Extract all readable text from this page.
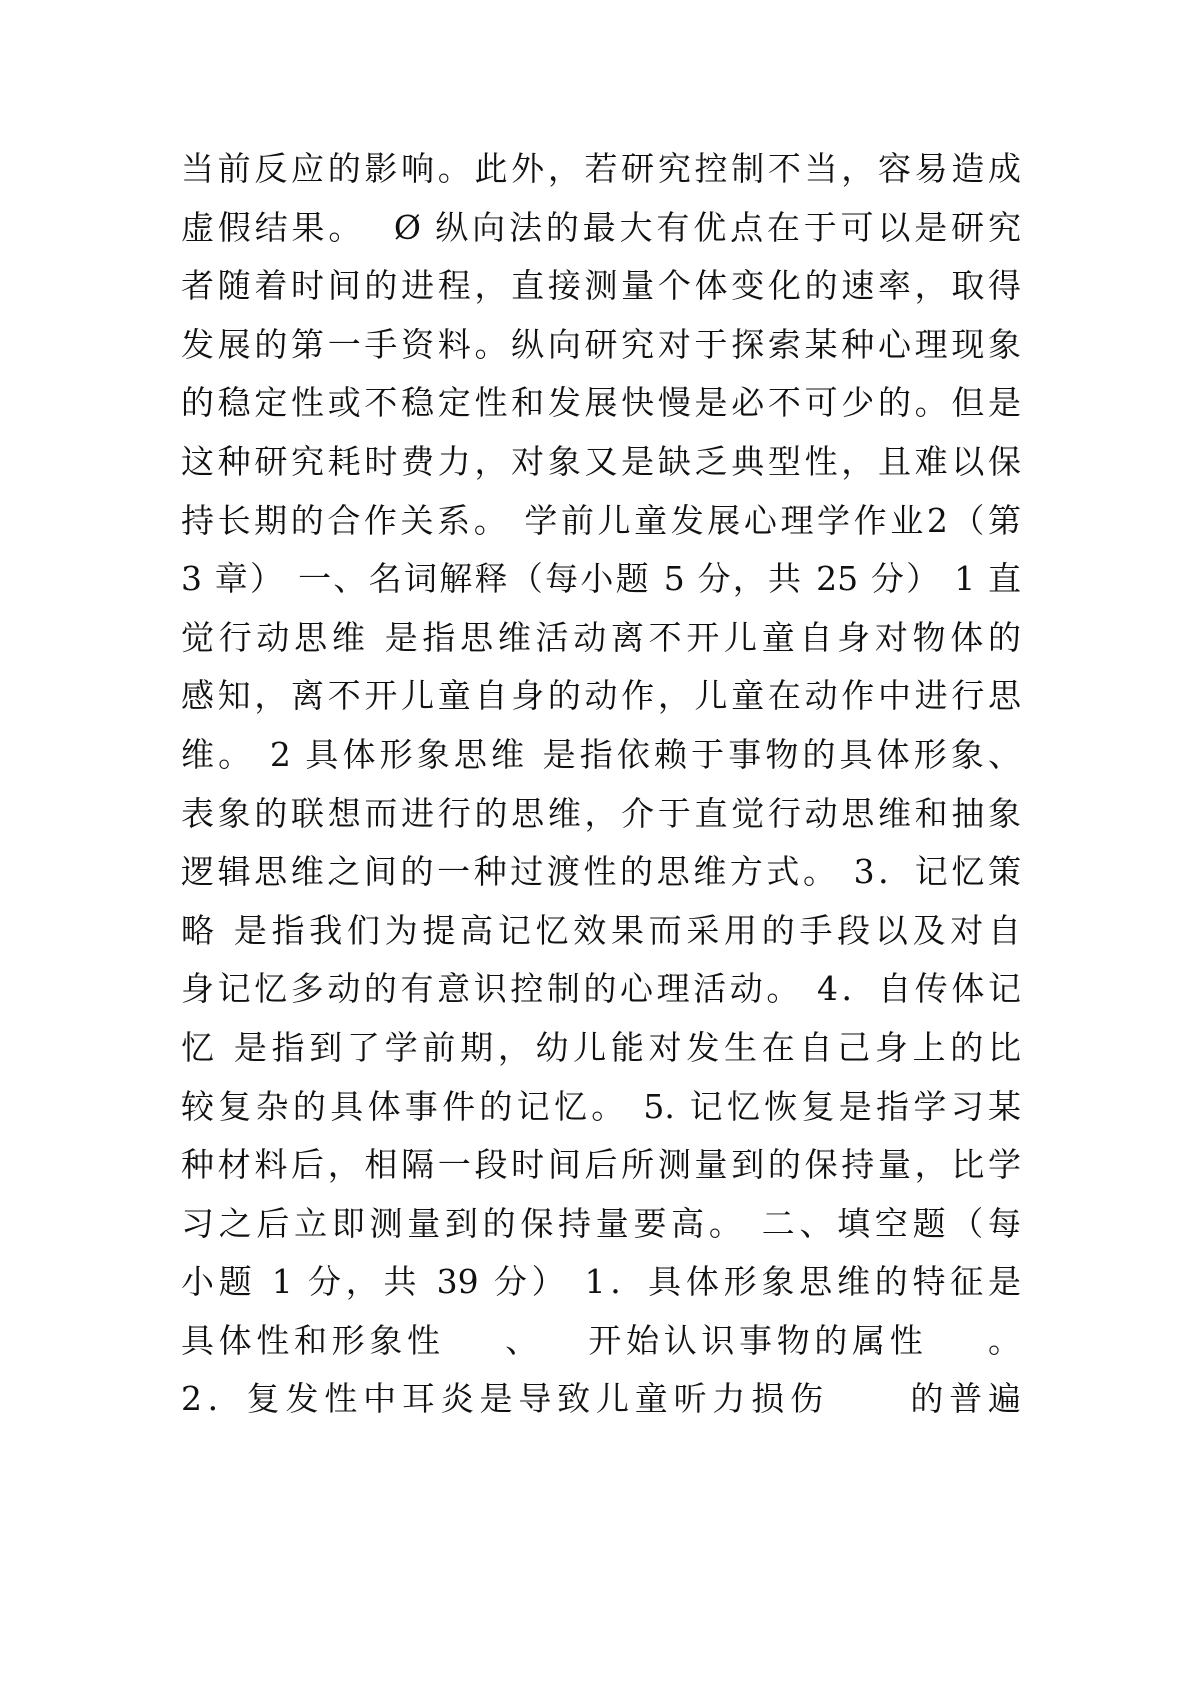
当前反应的影响。此外，若研究控制不当，容易造成
虚假结果。  Ø 纵向法的最大有优点在于可以是研究
者随着时间的进程，直接测量个体变化的速率，取得
发展的第一手资料。纵向研究对于探索某种心理现象
的稳定性或不稳定性和发展快慢是必不可少的。但是
这种研究耗时费力，对象又是缺乏典型性，且难以保
持长期的合作关系。 学前儿童发展心理学作业2（第
3 章） 一、名词解释（每小题 5 分，共 25 分） 1 直
觉行动思维 是指思维活动离不开儿童自身对物体的
感知，离不开儿童自身的动作，儿童在动作中进行思
维。 2 具体形象思维 是指依赖于事物的具体形象、
表象的联想而进行的思维，介于直觉行动思维和抽象
逻辑思维之间的一种过渡性的思维方式。 3．记忆策
略 是指我们为提高记忆效果而采用的手段以及对自
身记忆多动的有意识控制的心理活动。 4．自传体记
忆 是指到了学前期，幼儿能对发生在自己身上的比
较复杂的具体事件的记忆。 5. 记忆恢复是指学习某
种材料后，相隔一段时间后所测量到的保持量，比学
习之后立即测量到的保持量要高。 二、填空题（每
小题 1 分，共 39 分） 1．具体形象思维的特征是
具体性和形象性    、   开始认识事物的属性    。
2．复发性中耳炎是导致儿童听力损伤     的普遍
